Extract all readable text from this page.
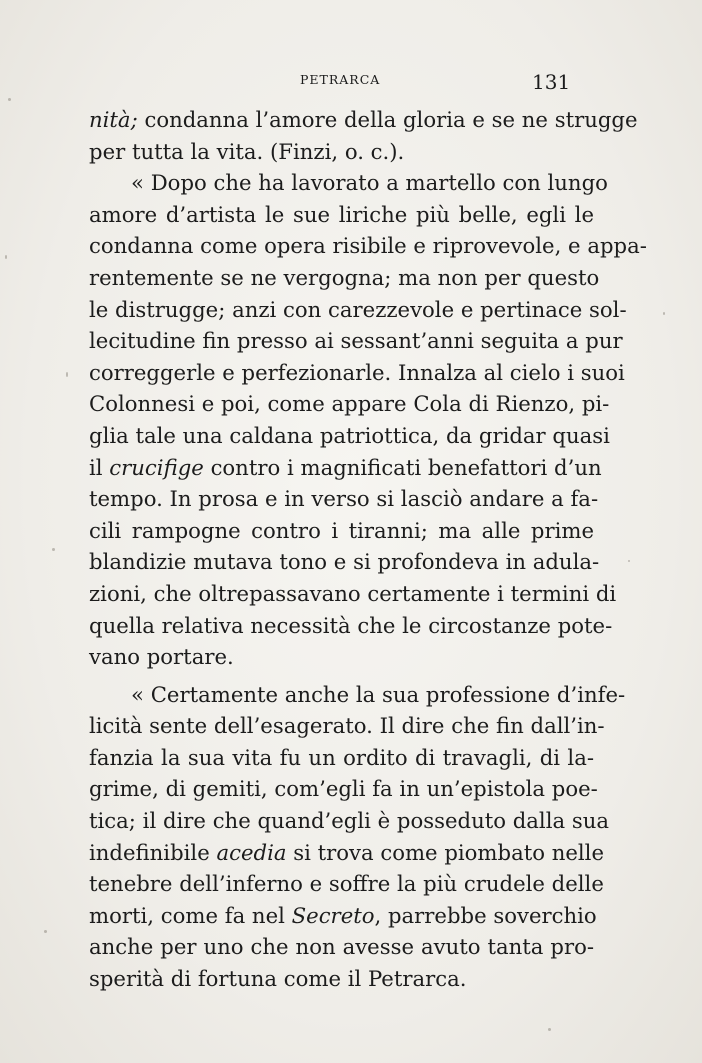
PETRARCA	131
nità; condanna l’amore della gloria e se ne strugge
per tutta la vita. (Finzi, o. c.).
« Dopo che ha lavorato a martello con lungo
amore d’artista le sue liriche più belle, egli le
condanna come opera risibile e riprovevole, e appa-
rentemente se ne vergogna; ma non per questo
le distrugge; anzi con carezzevole e pertinace sol-
lecitudine fin presso ai sessant’anni seguita a pur
correggerle e perfezionarle. Innalza al cielo i suoi
Colonnesi e poi, come appare Cola di Rienzo, pi-
glia tale una caldana patriottica, da gridar quasi
il crucifige contro i magnificati benefattori d’un
tempo. In prosa e in verso si lasciò andare a fa-
cili rampogne contro i tiranni; ma alle prime
blandizie mutava tono e si profondeva in adula-
zioni, che oltrepassavano certamente i termini di
quella relativa necessità che le circostanze pote-
vano portare.
« Certamente anche la sua professione d’infe-
licità sente dell’esagerato. Il dire che fin dall’in-
fanzia la sua vita fu un ordito di travagli, di la-
grime, di gemiti, com’egli fa in un’epistola poe-
tica; il dire che quand’egli è posseduto dalla sua
indefinibile acedia si trova come piombato nelle
tenebre dell’inferno e soffre la più crudele delle
morti, come fa nel Secreto, parrebbe soverchio
anche per uno che non avesse avuto tanta pro-
sperità di fortuna come il Petrarca.
